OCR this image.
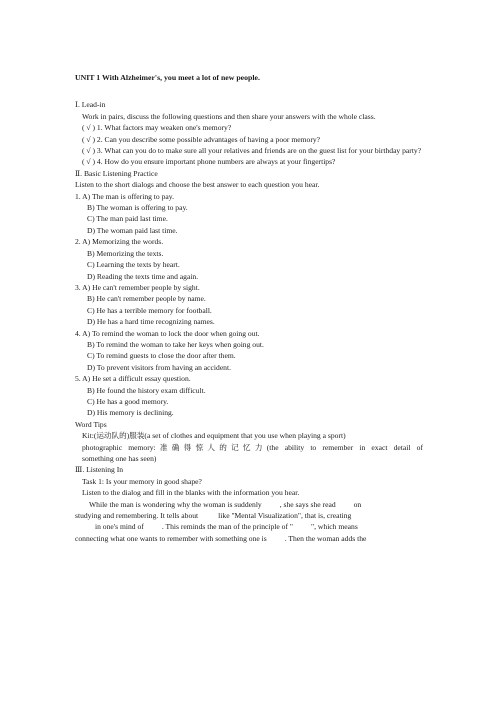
UNIT 1 With Alzheimer's, you meet a lot of new people.
Ⅰ. Lead-in
Work in pairs, discuss the following questions and then share your answers with the whole class.
( √ ) 1. What factors may weaken one's memory?
( √ ) 2. Can you describe some possible advantages of having a poor memory?
( √ ) 3. What can you do to make sure all your relatives and friends are on the guest list for your birthday party?
( √ ) 4. How do you ensure important phone numbers are always at your fingertips?
Ⅱ. Basic Listening Practice
Listen to the short dialogs and choose the best answer to each question you hear.
1. A) The man is offering to pay.
B) The woman is offering to pay.
C) The man paid last time.
D) The woman paid last time.
2. A) Memorizing the words.
B) Memorizing the texts.
C) Learning the texts by heart.
D) Reading the texts time and again.
3. A) He can't remember people by sight.
B) He can't remember people by name.
C) He has a terrible memory for football.
D) He has a hard time recognizing names.
4. A) To remind the woman to lock the door when going out.
B) To remind the woman to take her keys when going out.
C) To remind guests to close the door after them.
D) To prevent visitors from having an accident.
5. A) He set a difficult essay question.
B) He found the history exam difficult.
C) He has a good memory.
D) His memory is declining.
Word Tips
Kit:(运动队的)服装(a set of clothes and equipment that you use when playing a sport)
photographic memory:准确得惊人的记忆力(the ability to remember in exact detail of
something one has seen)
Ⅲ. Listening In
Task 1: Is your memory in good shape?
Listen to the dialog and fill in the blanks with the information you hear.
While the man is wondering why the woman is suddenly , she says she read on
studying and remembering. It tells about	like "Mental Visualization", that is, creating
in one's mind of . This reminds the man of the principle of " ", which means
connecting what one wants to remember with something one is . Then the woman adds the
